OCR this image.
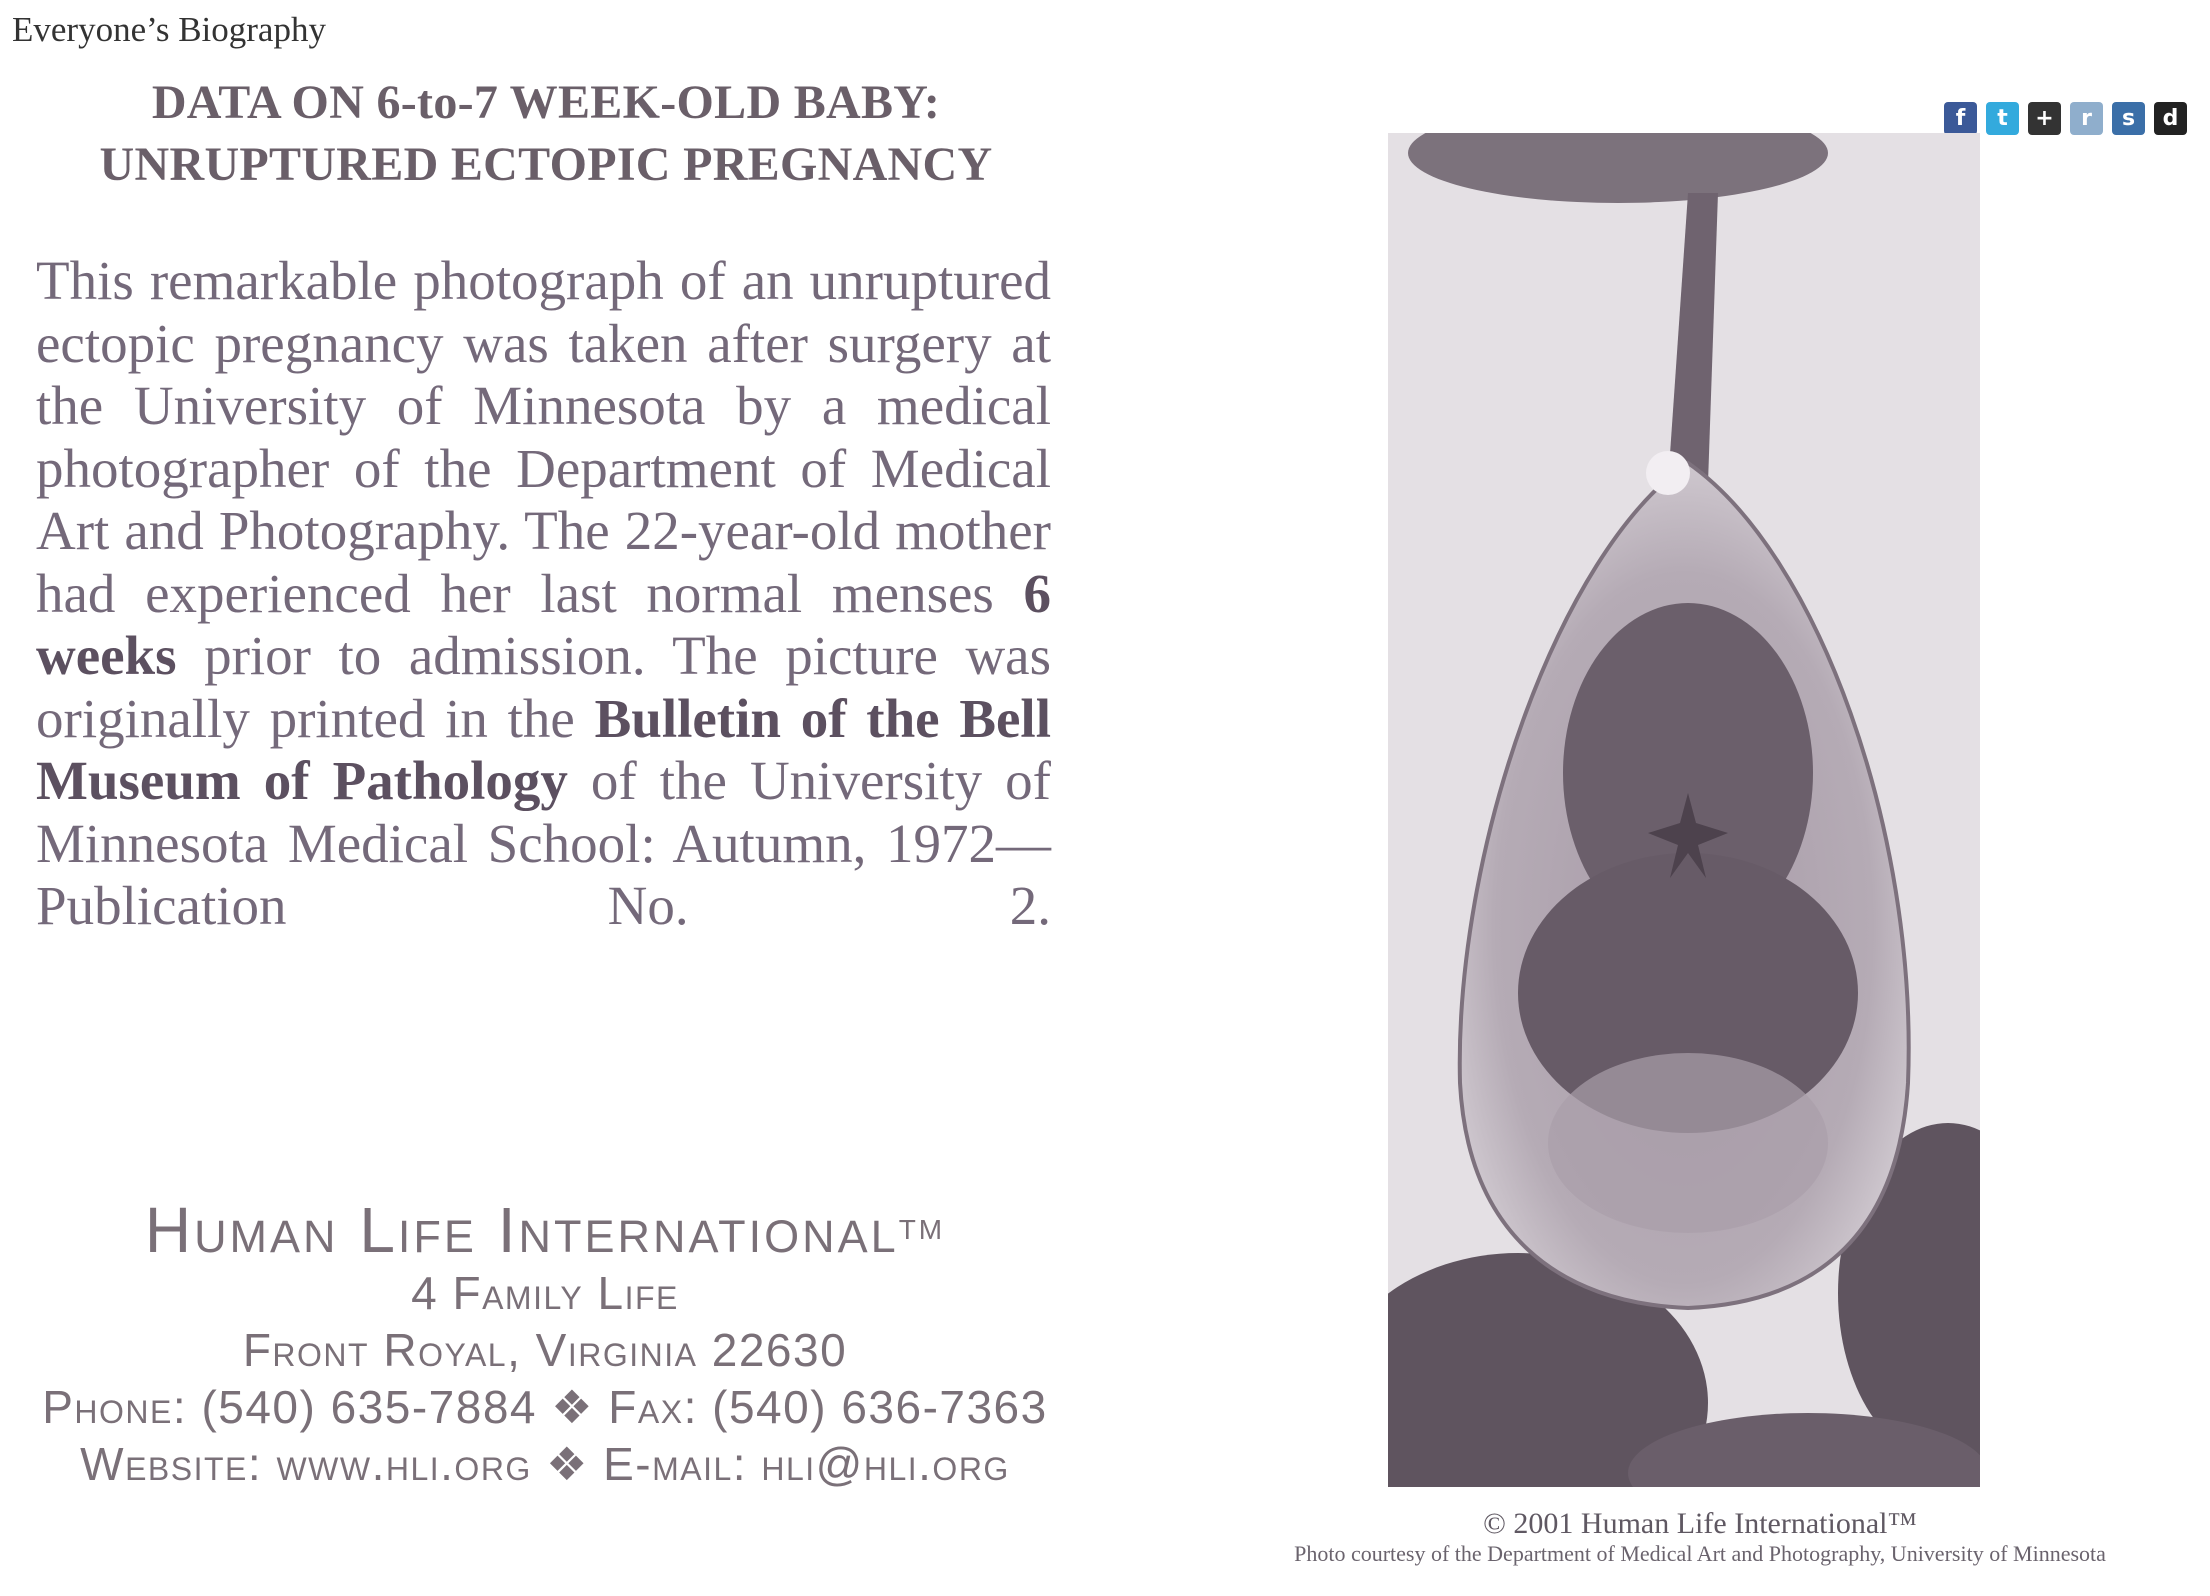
Everyone’s Biography
DATA ON 6-to-7 WEEK-OLD BABY:
UNRUPTURED ECTOPIC PREGNANCY
This remarkable photograph of an unruptured ectopic pregnancy was taken after surgery at the University of Minnesota by a medical photographer of the Department of Medical Art and Photography. The 22-year-old mother had experienced her last normal menses 6 weeks prior to admission. The picture was originally printed in the Bulletin of the Bell Museum of Pathology of the University of Minnesota Medical School: Autumn, 1972—Publication No. 2.
Human Life International™
4 Family Life
Front Royal, Virginia 22630
Phone: (540) 635-7884 ❖ Fax: (540) 636-7363
Website: www.hli.org ❖ E-mail: hli@hli.org
f	t	+	r	s	d
© 2001 Human Life International™
Photo courtesy of the Department of Medical Art and Photography, University of Minnesota
